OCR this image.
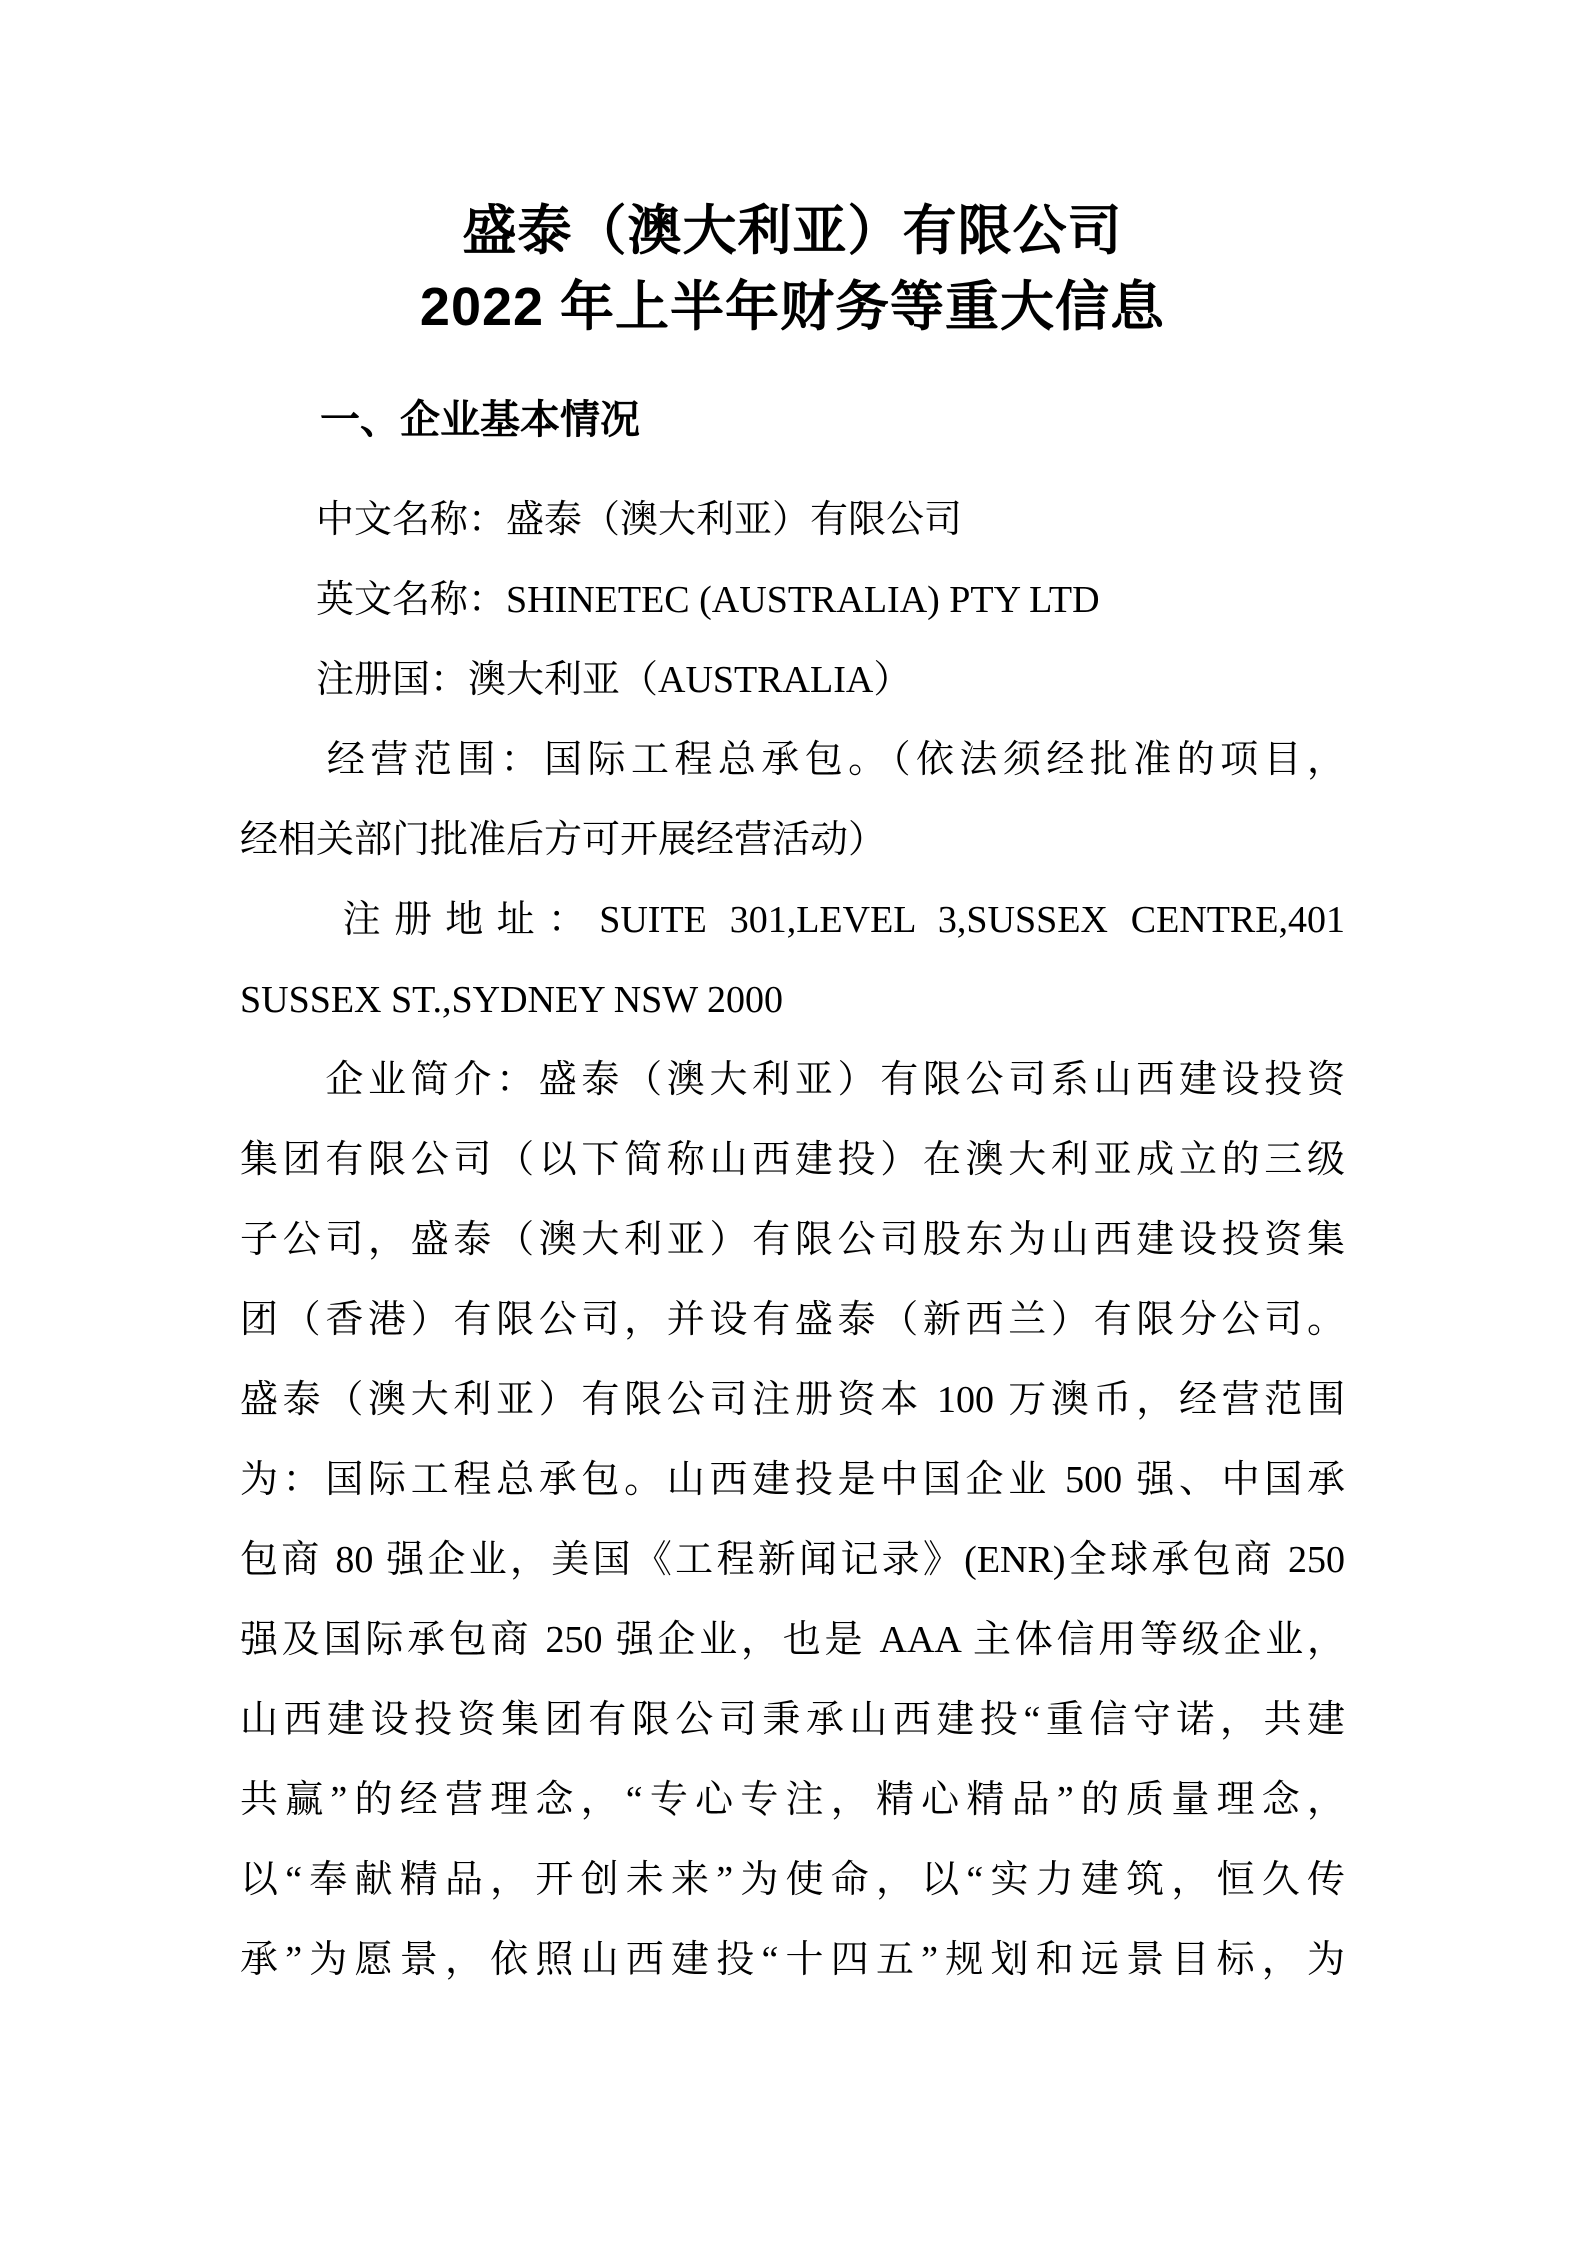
盛泰（澳大利亚）有限公司
2022 年上半年财务等重大信息
　　一、企业基本情况
　　中文名称：盛泰（澳大利亚）有限公司
　　英文名称：SHINETEC (AUSTRALIA) PTY LTD
　　注册国：澳大利亚（AUSTRALIA）
　　经营范围：国际工程总承包。（依法须经批准的项目，
经相关部门批准后方可开展经营活动）
　　注册地址：SUITE 301,LEVEL 3,SUSSEX CENTRE,401
SUSSEX ST.,SYDNEY NSW 2000
　　企业简介：盛泰（澳大利亚）有限公司系山西建设投资
集团有限公司（以下简称山西建投）在澳大利亚成立的三级
子公司，盛泰（澳大利亚）有限公司股东为山西建设投资集
团（香港）有限公司，并设有盛泰（新西兰）有限分公司。
盛泰（澳大利亚）有限公司注册资本 100 万澳币，经营范围
为：国际工程总承包。山西建投是中国企业 500 强、中国承
包商 80 强企业，美国《工程新闻记录》(ENR)全球承包商 250
强及国际承包商 250 强企业，也是 AAA 主体信用等级企业，
山西建设投资集团有限公司秉承山西建投“重信守诺，共建
共赢”的经营理念，“专心专注，精心精品”的质量理念，
以“奉献精品，开创未来”为使命，以“实力建筑，恒久传
承”为愿景，依照山西建投“十四五”规划和远景目标，为
